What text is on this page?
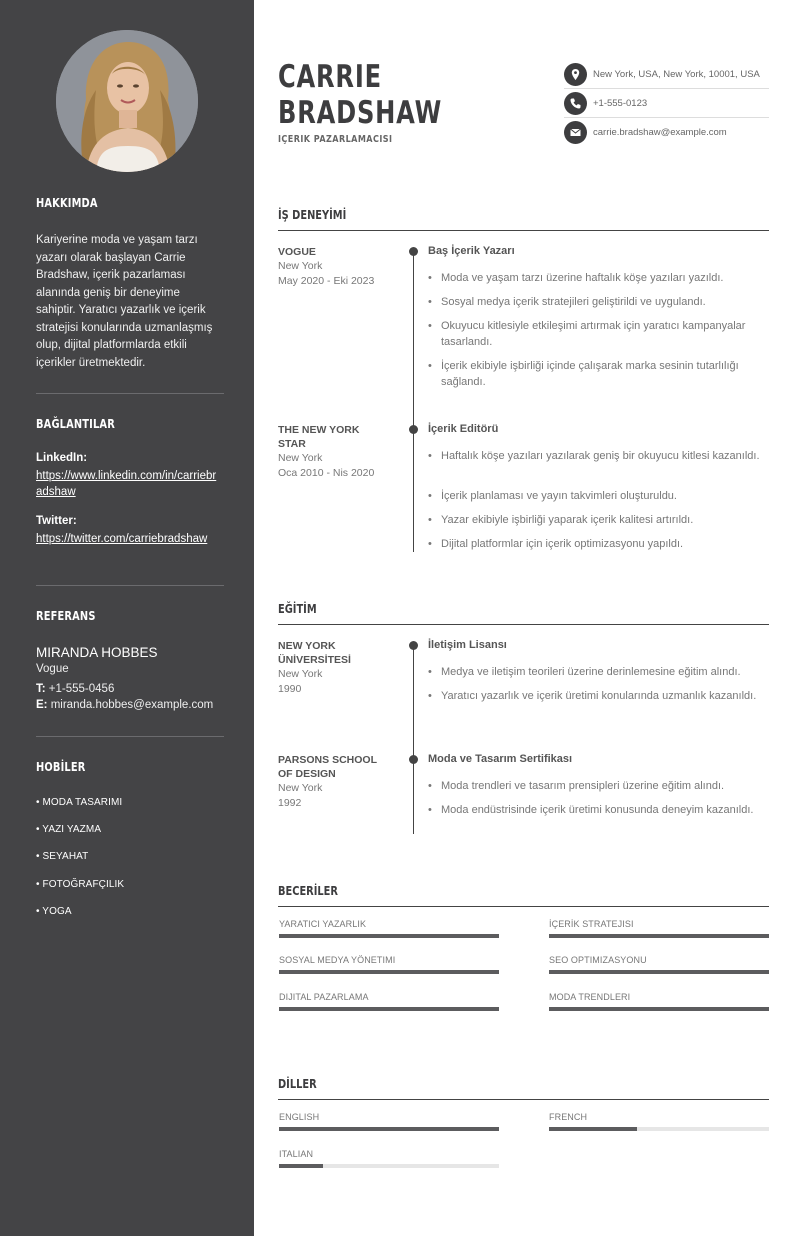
HAKKIMDA
Kariyerine moda ve yaşam tarzı yazarı olarak başlayan Carrie Bradshaw, içerik pazarlaması alanında geniş bir deneyime sahiptir. Yaratıcı yazarlık ve içerik stratejisi konularında uzmanlaşmış olup, dijital platformlarda etkili içerikler üretmektedir.
BAĞLANTILAR
LinkedIn:
https://www.linkedin.com/in/carriebradshaw
Twitter:
https://twitter.com/carriebradshaw
REFERANS
MIRANDA HOBBES
Vogue
T: +1-555-0456
E: miranda.hobbes@example.com
HOBİLER
• MODA TASARIMI
• YAZI YAZMA
• SEYAHAT
• FOTOĞRAFÇILIK
• YOGA
CARRIE
BRADSHAW
İÇERİK PAZARLAMACISI
New York, USA, New York, 10001, USA
+1-555-0123
carrie.bradshaw@example.com
İŞ DENEYİMİ
VOGUE
New York
May 2020 - Eki 2023
Baş İçerik Yazarı
• Moda ve yaşam tarzı üzerine haftalık köşe yazıları yazıldı.
• Sosyal medya içerik stratejileri geliştirildi ve uygulandı.
• Okuyucu kitlesiyle etkileşimi artırmak için yaratıcı kampanyalar tasarlandı.
• İçerik ekibiyle işbirliği içinde çalışarak marka sesinin tutarlılığı sağlandı.
THE NEW YORK STAR
New York
Oca 2010 - Nis 2020
İçerik Editörü
• Haftalık köşe yazıları yazılarak geniş bir okuyucu kitlesi kazanıldı.
• İçerik planlaması ve yayın takvimleri oluşturuldu.
• Yazar ekibiyle işbirliği yaparak içerik kalitesi artırıldı.
• Dijital platformlar için içerik optimizasyonu yapıldı.
EĞİTİM
NEW YORK ÜNİVERSİTESİ
New York
1990
İletişim Lisansı
• Medya ve iletişim teorileri üzerine derinlemesine eğitim alındı.
• Yaratıcı yazarlık ve içerik üretimi konularında uzmanlık kazanıldı.
PARSONS SCHOOL OF DESIGN
New York
1992
Moda ve Tasarım Sertifikası
• Moda trendleri ve tasarım prensipleri üzerine eğitim alındı.
• Moda endüstrisinde içerik üretimi konusunda deneyim kazanıldı.
BECERİLER
YARATICI YAZARLIK	İÇERİK STRATEJISI
SOSYAL MEDYA YÖNETIMI	SEO OPTIMIZASYONU
DIJITAL PAZARLAMA	MODA TRENDLERI
DİLLER
ENGLISH	FRENCH
ITALIAN
